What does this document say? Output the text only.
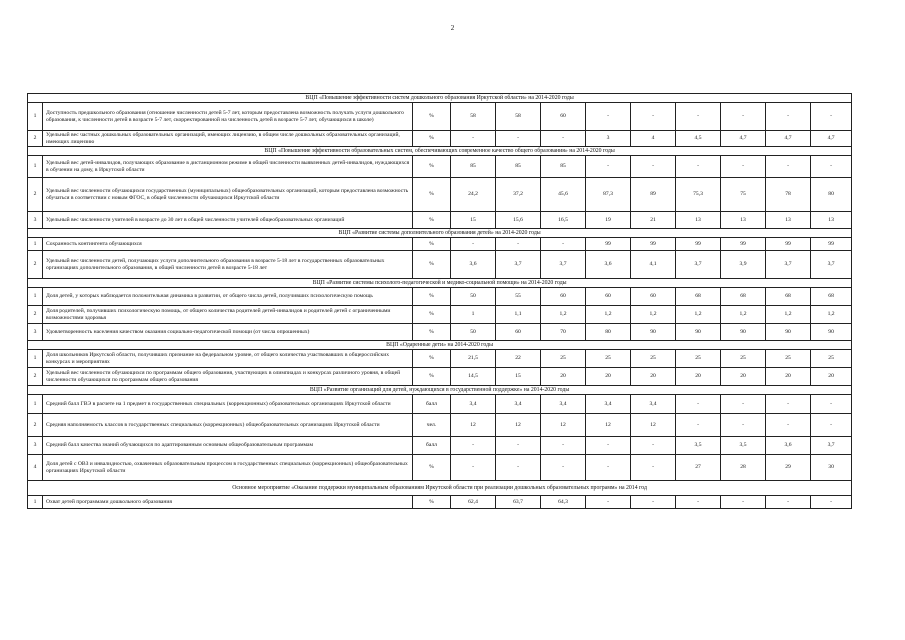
2
ВЦП «Повышение эффективности систем дошкольного образования Иркутской области» на 2014-2020 годы											
1	Доступность предшкольного образования (отношение численности детей 5-7 лет, которым предоставлена возможность получать услуги дошкольного образования, к численности детей в возрасте 5-7 лет, скорректированной на численность детей в возрасте 5-7 лет, обучающихся в школе)	%	58	58	60	-	-	-	-	-	-
2	Удельный вес частных дошкольных образовательных организаций, имеющих лицензию, в общем числе дошкольных образовательных организаций, имеющих лицензию	%	-	-	-	3	4	4,5	4,7	4,7	4,7
ВЦП «Повышение эффективности образовательных систем, обеспечивающих современное качество общего образования» на 2014-2020 годы											
1	Удельный вес детей-инвалидов, получающих образование в дистанционном режиме в общей численности выявленных детей-инвалидов, нуждающихся в обучении на дому, в Иркутской области	%	85	85	85	-	-	-	-	-	-
2	Удельный вес численности обучающихся государственных (муниципальных) общеобразовательных организаций, которым предоставлена возможность обучаться в соответствии с новым ФГОС, в общей численности обучающихся Иркутской области	%	24,2	37,2	45,6	87,3	89	75,3	75	78	80
3	Удельный вес численности учителей в возрасте до 30 лет в общей численности учителей общеобразовательных организаций	%	15	15,6	16,5	19	21	13	13	13	13
ВЦП «Развитие системы дополнительного образования детей» на 2014-2020 годы											
1	Сохранность контингента обучающихся	%	-	-	-	99	99	99	99	99	99
2	Удельный вес численности детей, получающих услуги дополнительного образования в возрасте 5-18 лет в государственных образовательных организациях дополнительного образования, в общей численности детей в возрасте 5-18 лет	%	3,6	3,7	3,7	3,6	4,1	3,7	3,9	3,7	3,7
ВЦП «Развитие системы психолого-педагогической и медико-социальной помощи» на 2014-2020 годы											
1	Доля детей, у которых наблюдается положительная динамика в развитии, от общего числа детей, получивших психологическую помощь	%	50	55	60	60	60	68	68	68	68
2	Доля родителей, получивших психологическую помощь, от общего количества родителей детей-инвалидов и родителей детей с ограниченными возможностями здоровья	%	1	1,1	1,2	1,2	1,2	1,2	1,2	1,2	1,2
3	Удовлетворенность населения качеством оказания социально-педагогической помощи (от числа опрошенных)	%	50	60	70	80	90	90	90	90	90
ВЦП «Одаренные дети» на 2014-2020 годы											
1	Доля школьников Иркутской области, получивших признание на федеральном уровне, от общего количества участвовавших в общероссийских конкурсах и мероприятиях	%	21,5	22	25	25	25	25	25	25	25
2	Удельный вес численности обучающихся по программам общего образования, участвующих в олимпиадах и конкурсах различного уровня, в общей численности обучающихся по программам общего образования	%	14,5	15	20	20	20	20	20	20	20
ВЦП «Развитие организаций для детей, нуждающихся в государственной поддержке» на 2014-2020 годы											
1	Средний балл ГВЭ в расчете на 1 предмет в государственных специальных (коррекционных) образовательных организациях Иркутской области	балл	3,4	3,4	3,4	3,4	3,4	-	-	-	-
2	Средняя наполняемость классов в государственных специальных (коррекционных) общеобразовательных организациях Иркутской области	чел.	12	12	12	12	12	-	-	-	-
3	Средний балл качества знаний обучающихся по адаптированным основным общеобразовательным программам	балл	-	-	-	-	-	3,5	3,5	3,6	3,7
4	Доля детей с ОВЗ и инвалидностью, охваченных образовательным процессом в государственных специальных (коррекционных) общеобразовательных организациях Иркутской области	%	-	-	-	-	-	27	28	29	30
Основное мероприятие «Оказание поддержки муниципальным образованиям Иркутской области при реализации дошкольных образовательных программ» на 2014 год											
1	Охват детей программами дошкольного образования	%	62,4	63,7	64,3	-	-	-	-	-	-
